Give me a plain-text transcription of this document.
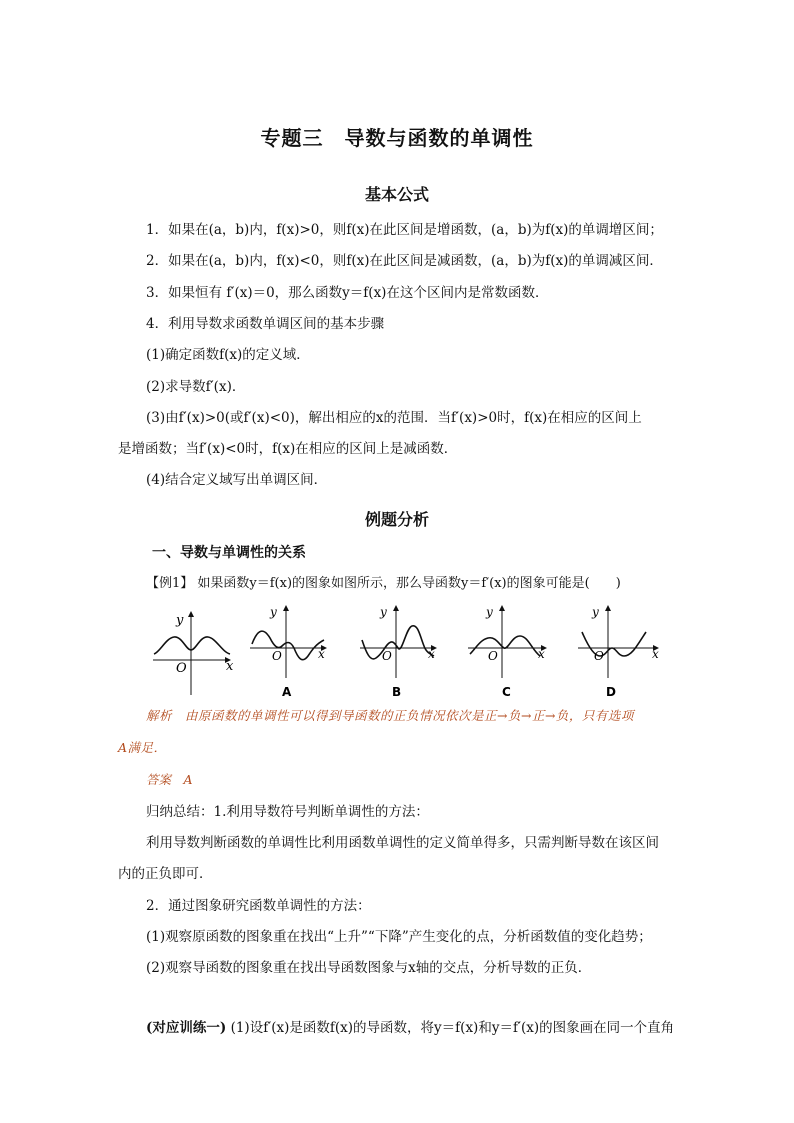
专题三　导数与函数的单调性
基本公式
1．如果在(a，b)内，f(x)>0，则f(x)在此区间是增函数，(a，b)为f(x)的单调增区间；
2．如果在(a，b)内，f(x)<0，则f(x)在此区间是减函数，(a，b)为f(x)的单调减区间．
3．如果恒有 f′(x)＝0，那么函数y＝f(x)在这个区间内是常数函数．
4．利用导数求函数单调区间的基本步骤
(1)确定函数f(x)的定义域．
(2)求导数f′(x)．
(3)由f′(x)>0(或f′(x)<0)，解出相应的x的范围．当f′(x)>0时，f(x)在相应的区间上
是增函数；当f′(x)<0时，f(x)在相应的区间上是减函数．
(4)结合定义域写出单调区间．
例题分析
一、导数与单调性的关系
【例1】 如果函数y＝f(x)的图象如图所示，那么导函数y＝f′(x)的图象可能是(　　)
y
O	x
y
O	x
A
y
O	x
B
y
O	x
C
y
O	x
D
解析　由原函数的单调性可以得到导函数的正负情况依次是正→负→正→负，只有选项
A满足．
答案　A
归纳总结：1.利用导数符号判断单调性的方法：
利用导数判断函数的单调性比利用函数单调性的定义简单得多，只需判断导数在该区间
内的正负即可．
2．通过图象研究函数单调性的方法：
(1)观察原函数的图象重在找出“上升”“下降”产生变化的点，分析函数值的变化趋势；
(2)观察导函数的图象重在找出导函数图象与x轴的交点，分析导数的正负．
(对应训练一) (1)设f′(x)是函数f(x)的导函数，将y＝f(x)和y＝f′(x)的图象画在同一个直角
